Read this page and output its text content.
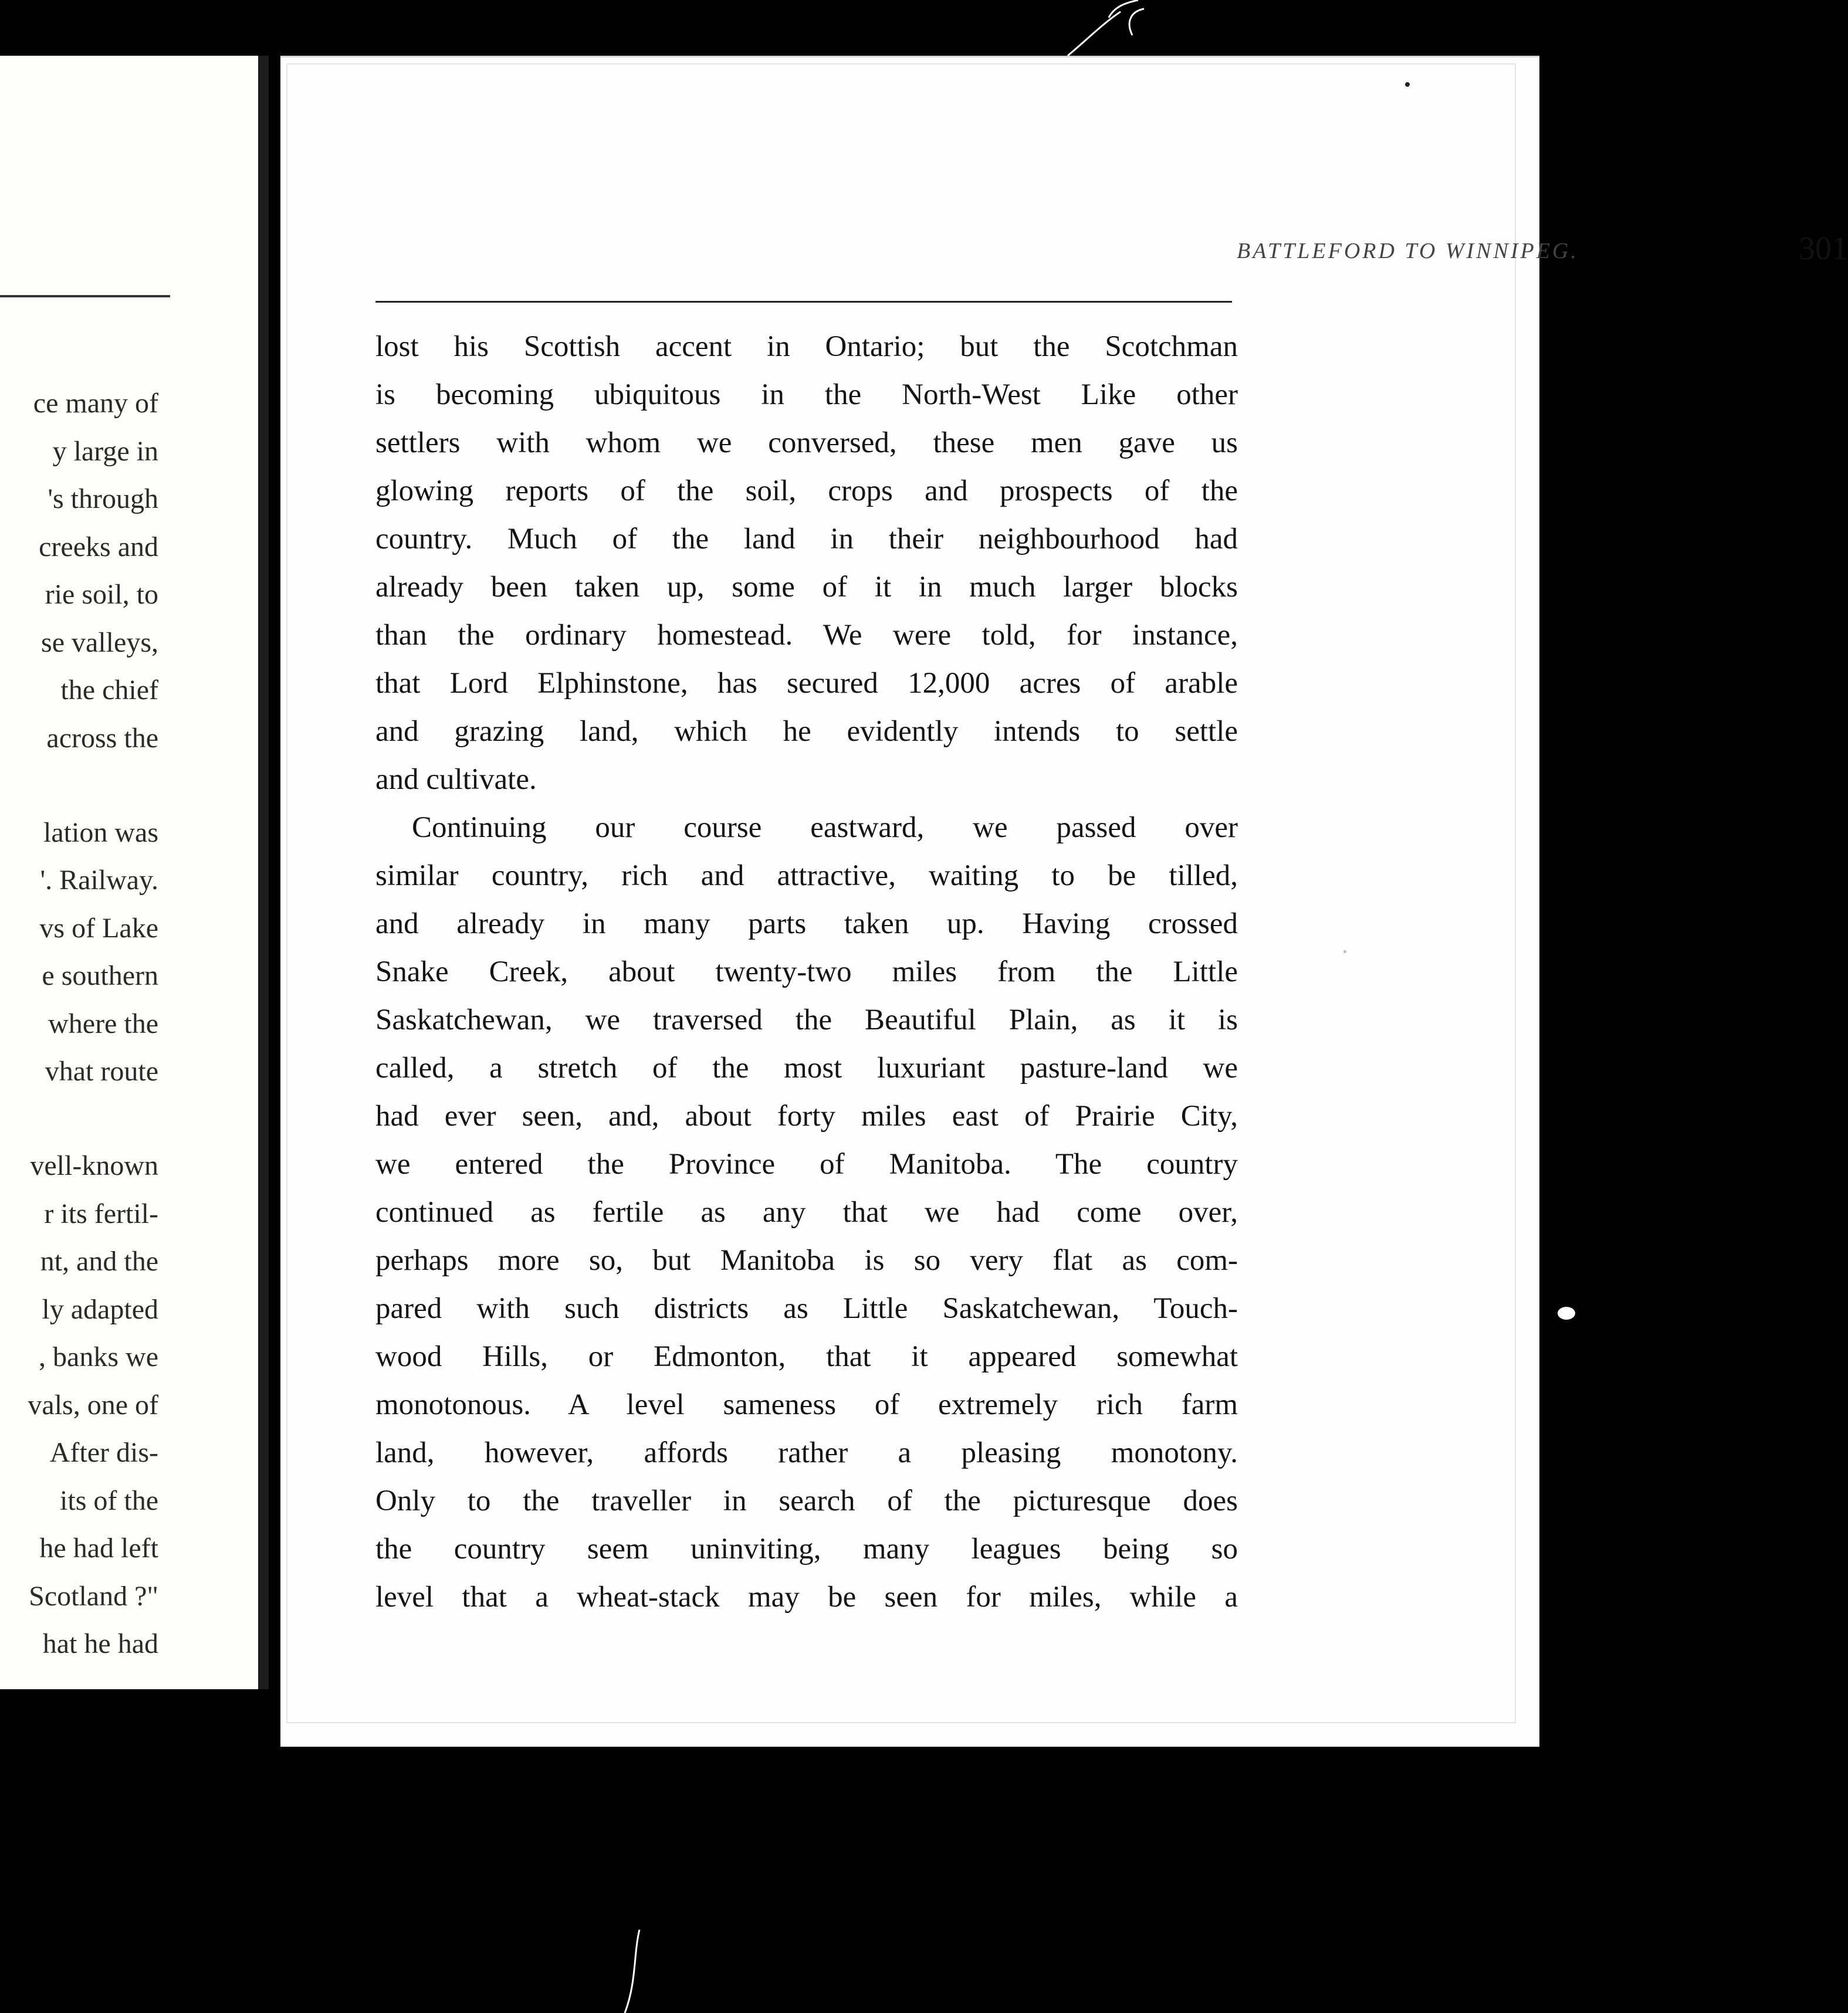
ce many of
y large in
's through
creeks and
rie soil, to
se valleys,
the chief
across the
lation was
'. Railway.
vs of Lake
e southern
where the
vhat route
vell-known
r its fertil-
nt, and the
ly adapted
, banks we
vals, one of
After dis-
its of the
he had left
Scotland ?"
hat he had
BATTLEFORD TO WINNIPEG.	301
lost his Scottish accent in Ontario; but the Scotchman
is becoming ubiquitous in the North-West Like other
settlers with whom we conversed, these men gave us
glowing reports of the soil, crops and prospects of the
country. Much of the land in their neighbourhood had
already been taken up, some of it in much larger blocks
than the ordinary homestead. We were told, for instance,
that Lord Elphinstone, has secured 12,000 acres of arable
and grazing land, which he evidently intends to settle
and cultivate.
Continuing our course eastward, we passed over
similar country, rich and attractive, waiting to be tilled,
and already in many parts taken up. Having crossed
Snake Creek, about twenty-two miles from the Little
Saskatchewan, we traversed the Beautiful Plain, as it is
called, a stretch of the most luxuriant pasture-land we
had ever seen, and, about forty miles east of Prairie City,
we entered the Province of Manitoba. The country
continued as fertile as any that we had come over,
perhaps more so, but Manitoba is so very flat as com-
pared with such districts as Little Saskatchewan, Touch-
wood Hills, or Edmonton, that it appeared somewhat
monotonous. A level sameness of extremely rich farm
land, however, affords rather a pleasing monotony.
Only to the traveller in search of the picturesque does
the country seem uninviting, many leagues being so
level that a wheat-stack may be seen for miles, while a
